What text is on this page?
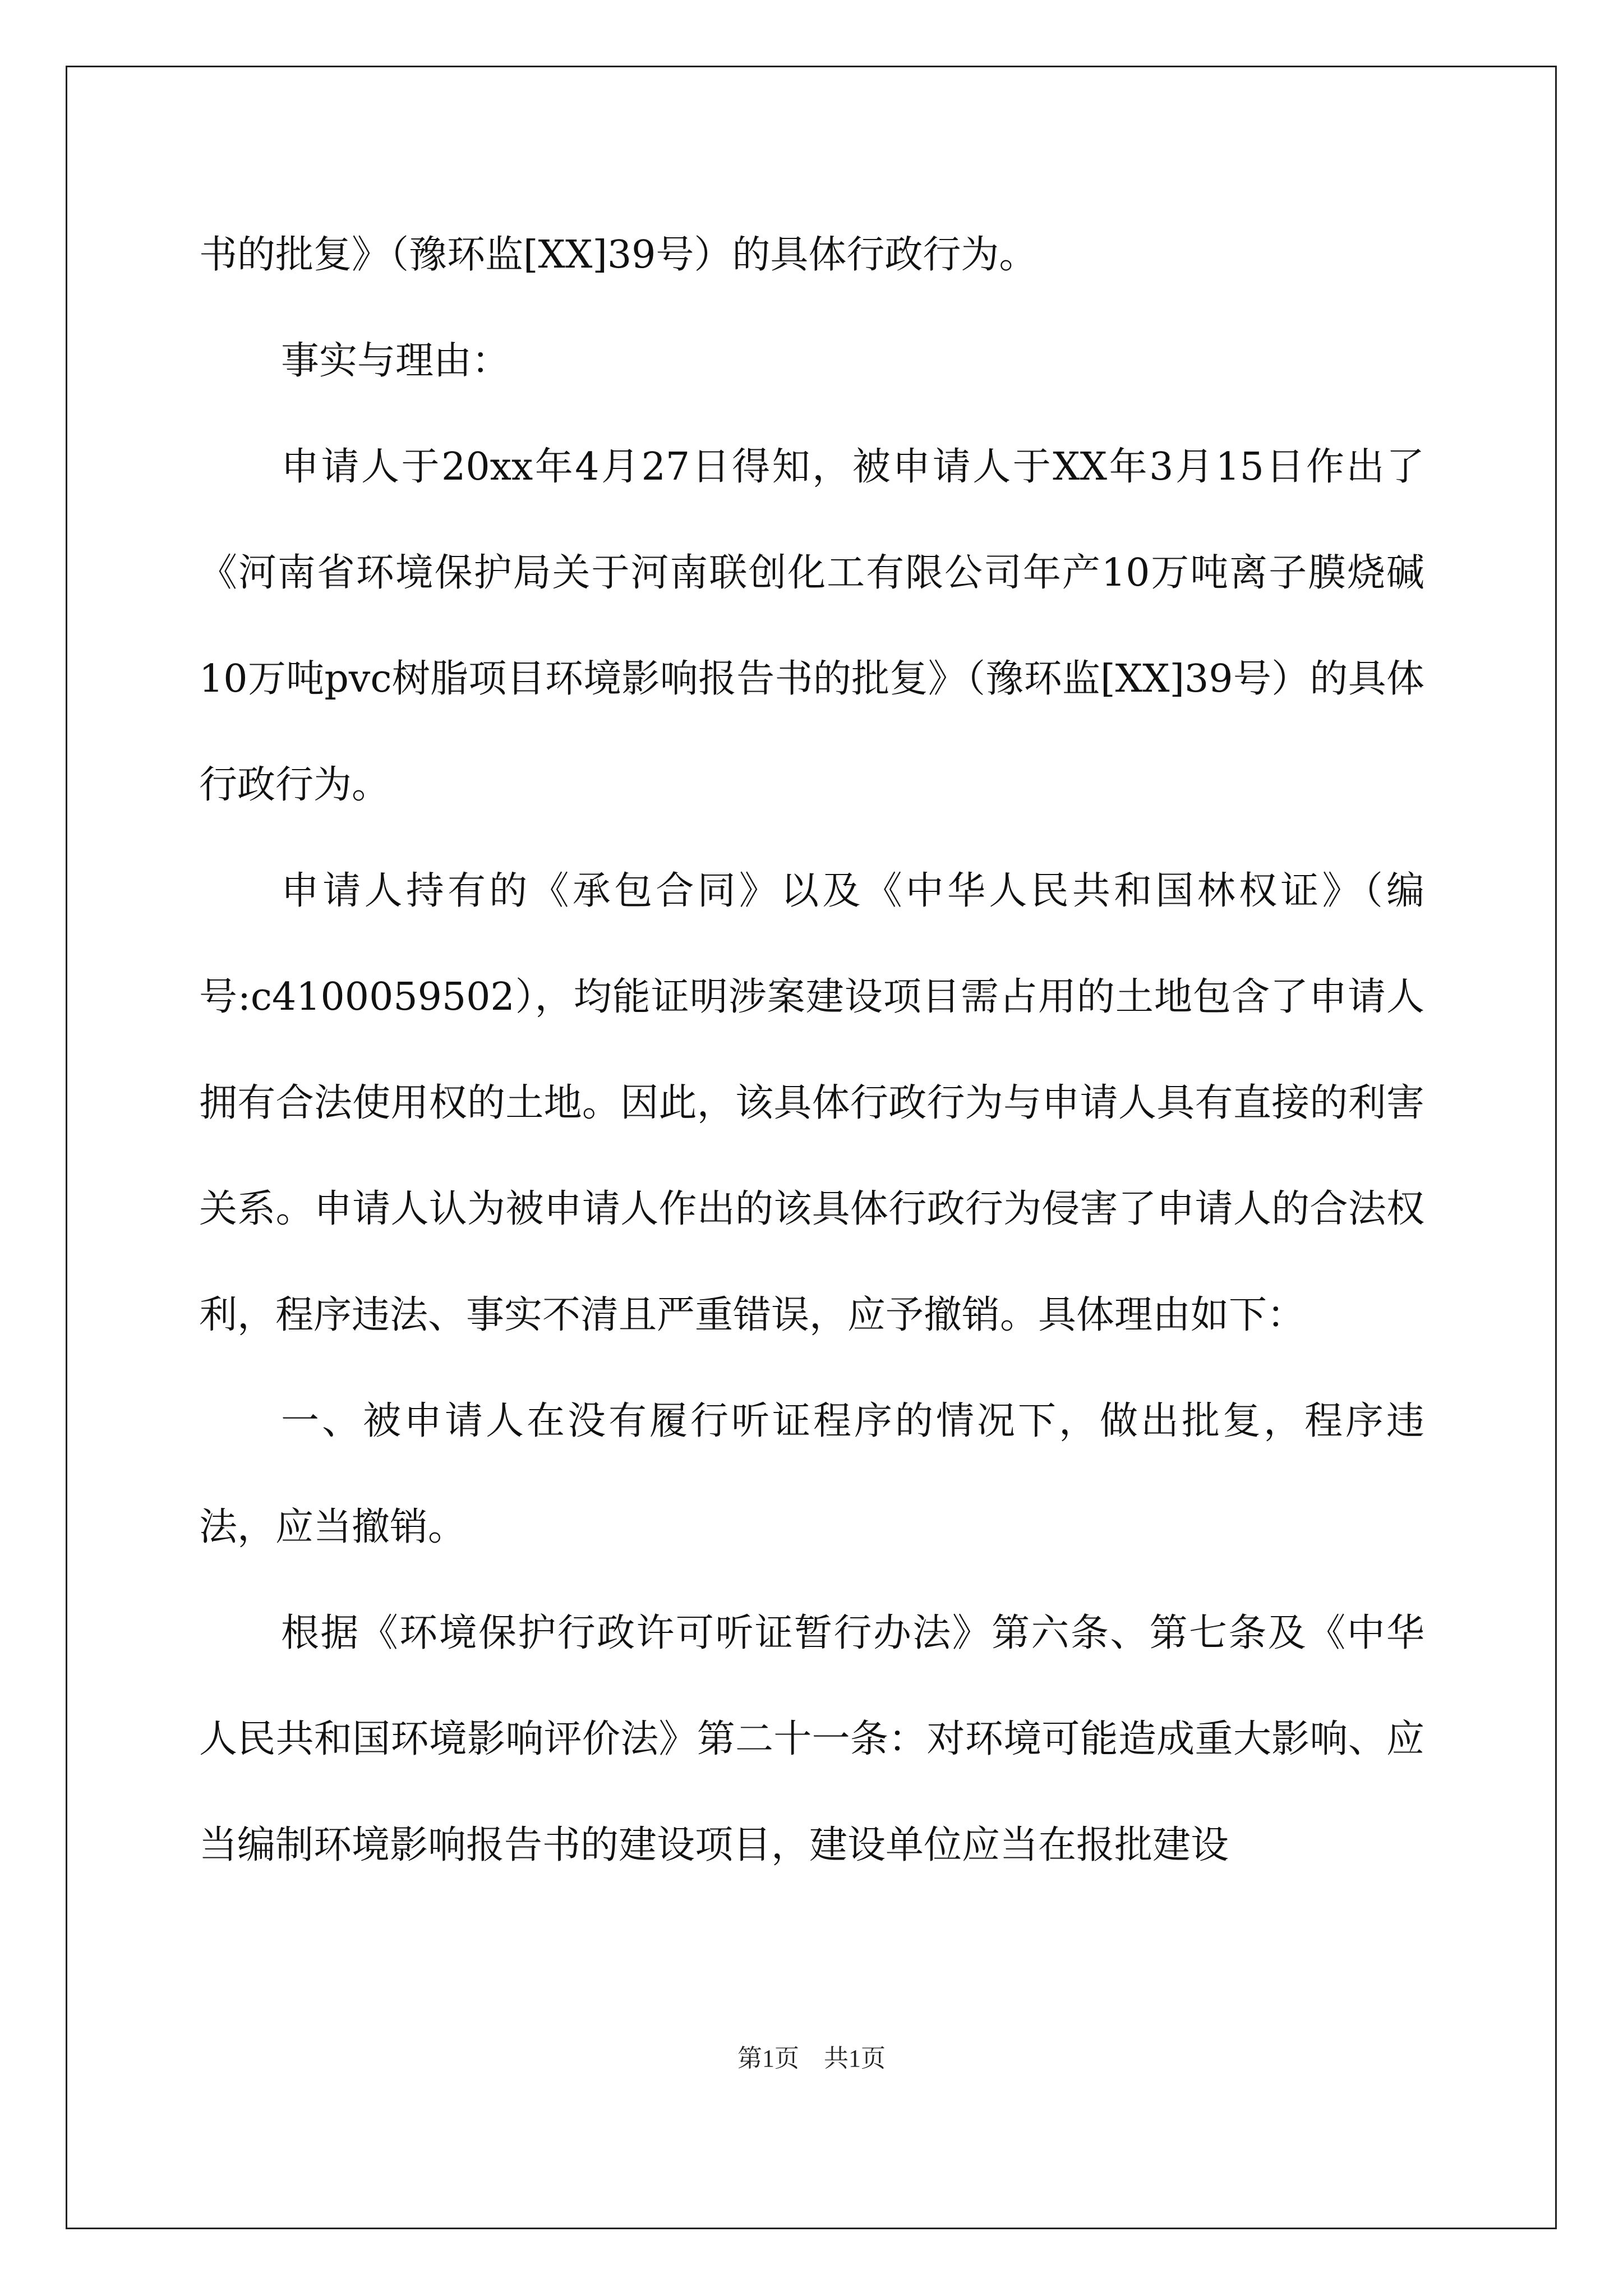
书的批复》（豫环监[XX]39号）的具体行政行为。

事实与理由：

申请人于20xx年4月27日得知，被申请人于XX年3月15日作出了《河南省环境保护局关于河南联创化工有限公司年产10万吨离子膜烧碱10万吨pvc树脂项目环境影响报告书的批复》（豫环监[XX]39号）的具体行政行为。

申请人持有的《承包合同》以及《中华人民共和国林权证》（编号:c4100059502），均能证明涉案建设项目需占用的土地包含了申请人拥有合法使用权的土地。因此，该具体行政行为与申请人具有直接的利害关系。申请人认为被申请人作出的该具体行政行为侵害了申请人的合法权利，程序违法、事实不清且严重错误，应予撤销。具体理由如下：

一、被申请人在没有履行听证程序的情况下，做出批复，程序违法，应当撤销。

根据《环境保护行政许可听证暂行办法》第六条、第七条及《中华人民共和国环境影响评价法》第二十一条：对环境可能造成重大影响、应当编制环境影响报告书的建设项目，建设单位应当在报批建设

第1页　共1页
